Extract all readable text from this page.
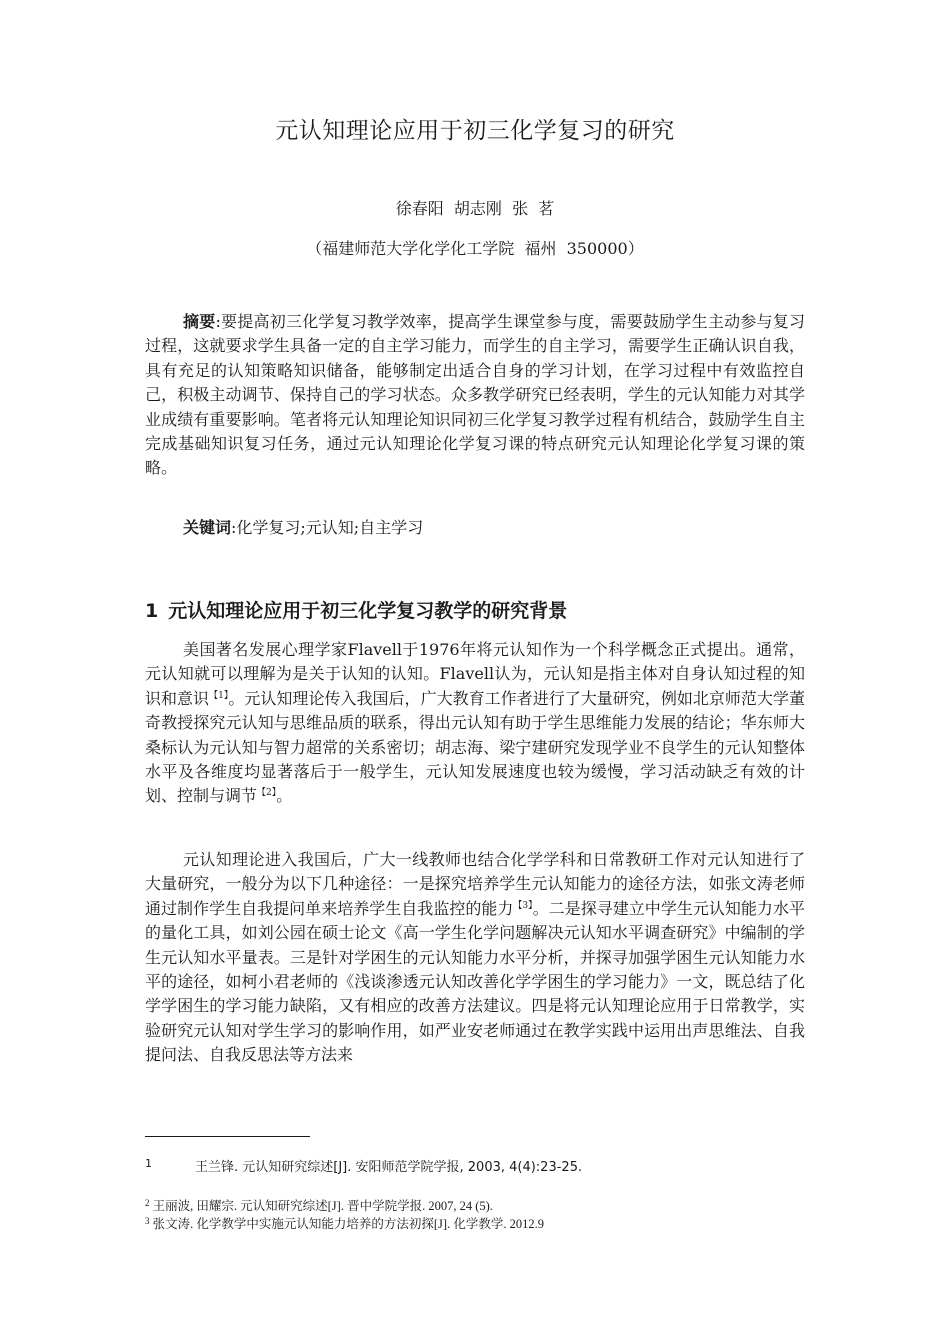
元认知理论应用于初三化学复习的研究
徐春阳  胡志刚  张  茗
（福建师范大学化学化工学院  福州  350000）

摘要:要提高初三化学复习教学效率，提高学生课堂参与度，需要鼓励学生主动参与复习过程，这就要求学生具备一定的自主学习能力，而学生的自主学习，需要学生正确认识自我，具有充足的认知策略知识储备，能够制定出适合自身的学习计划，在学习过程中有效监控自己，积极主动调节、保持自己的学习状态。众多教学研究已经表明，学生的元认知能力对其学业成绩有重要影响。笔者将元认知理论知识同初三化学复习教学过程有机结合，鼓励学生自主完成基础知识复习任务，通过元认知理论化学复习课的特点研究元认知理论化学复习课的策略。

关键词:化学复习;元认知;自主学习

1 元认知理论应用于初三化学复习教学的研究背景

美国著名发展心理学家Flavell于1976年将元认知作为一个科学概念正式提出。通常，元认知就可以理解为是关于认知的认知。Flavell认为，元认知是指主体对自身认知过程的知识和意识$^{【1】}$。元认知理论传入我国后，广大教育工作者进行了大量研究，例如北京师范大学董奇教授探究元认知与思维品质的联系，得出元认知有助于学生思维能力发展的结论；华东师大桑标认为元认知与智力超常的关系密切；胡志海、梁宁建研究发现学业不良学生的元认知整体水平及各维度均显著落后于一般学生，元认知发展速度也较为缓慢，学习活动缺乏有效的计划、控制与调节$^{【2】}$。

元认知理论进入我国后，广大一线教师也结合化学学科和日常教研工作对元认知进行了大量研究，一般分为以下几种途径：一是探究培养学生元认知能力的途径方法，如张文涛老师通过制作学生自我提问单来培养学生自我监控的能力$^{【3】}$。二是探寻建立中学生元认知能力水平的量化工具，如刘公园在硕士论文《高一学生化学问题解决元认知水平调查研究》中编制的学生元认知水平量表。三是针对学困生的元认知能力水平分析，并探寻加强学困生元认知能力水平的途径，如柯小君老师的《浅谈渗透元认知改善化学学困生的学习能力》一文，既总结了化学学困生的学习能力缺陷，又有相应的改善方法建议。四是将元认知理论应用于日常教学，实验研究元认知对学生学习的影响作用，如严业安老师通过在教学实践中运用出声思维法、自我提问法、自我反思法等方法来

1	王兰锋. 元认知研究综述[J]. 安阳师范学院学报, 2003, 4(4):23-25.
$^2$ 王丽波, 田耀宗. 元认知研究综述[J]. 晋中学院学报. 2007, 24 (5).
$^3$ 张文涛. 化学教学中实施元认知能力培养的方法初探[J]. 化学教学. 2012.9
